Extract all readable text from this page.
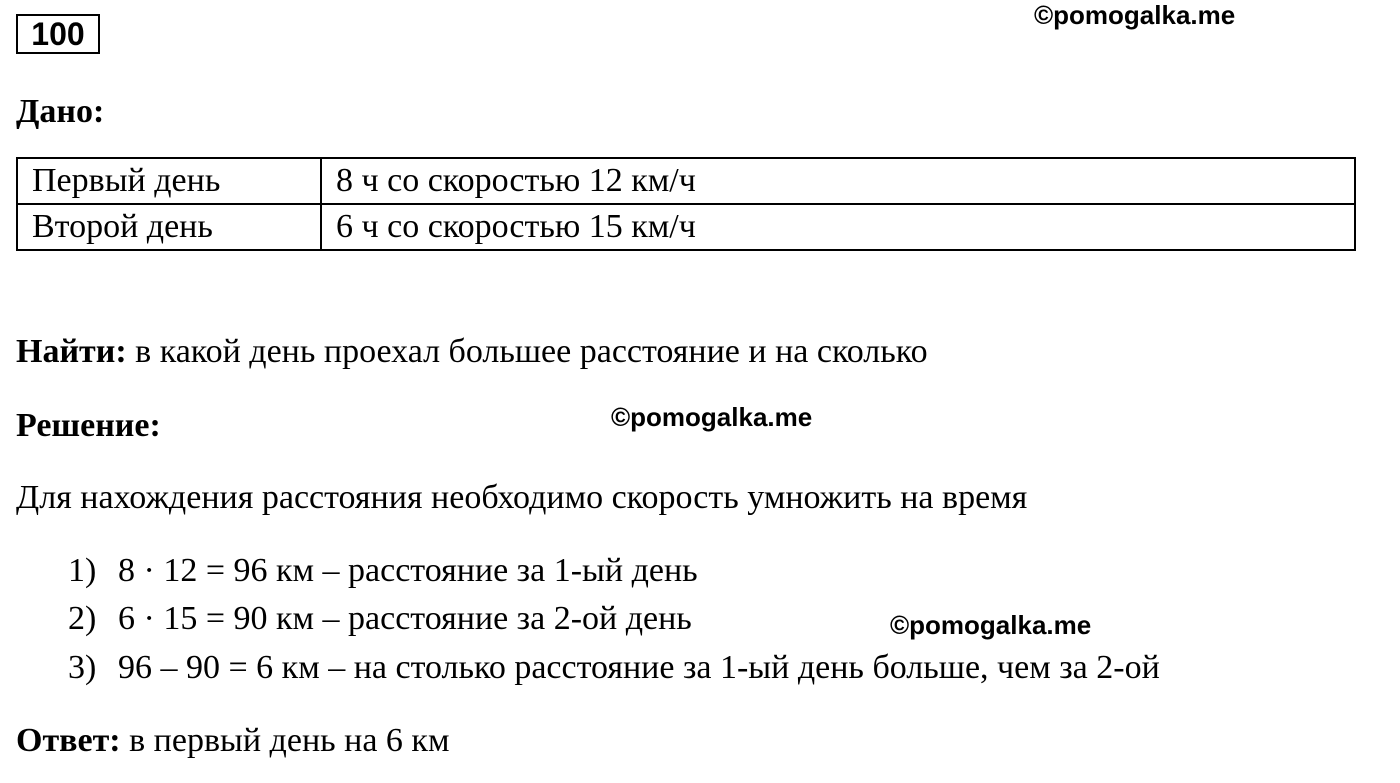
100
©pomogalka.me
©pomogalka.me
©pomogalka.me
Дано:
Первый день	8 ч со скоростью 12 км/ч
Второй день	6 ч со скоростью 15 км/ч
Найти: в какой день проехал большее расстояние и на сколько
Решение:
Для нахождения расстояния необходимо скорость умножить на время
1) 8 · 12 = 96 км – расстояние за 1-ый день
2) 6 · 15 = 90 км – расстояние за 2-ой день
3) 96 – 90 = 6 км – на столько расстояние за 1-ый день больше, чем за 2-ой
Ответ: в первый день на 6 км
